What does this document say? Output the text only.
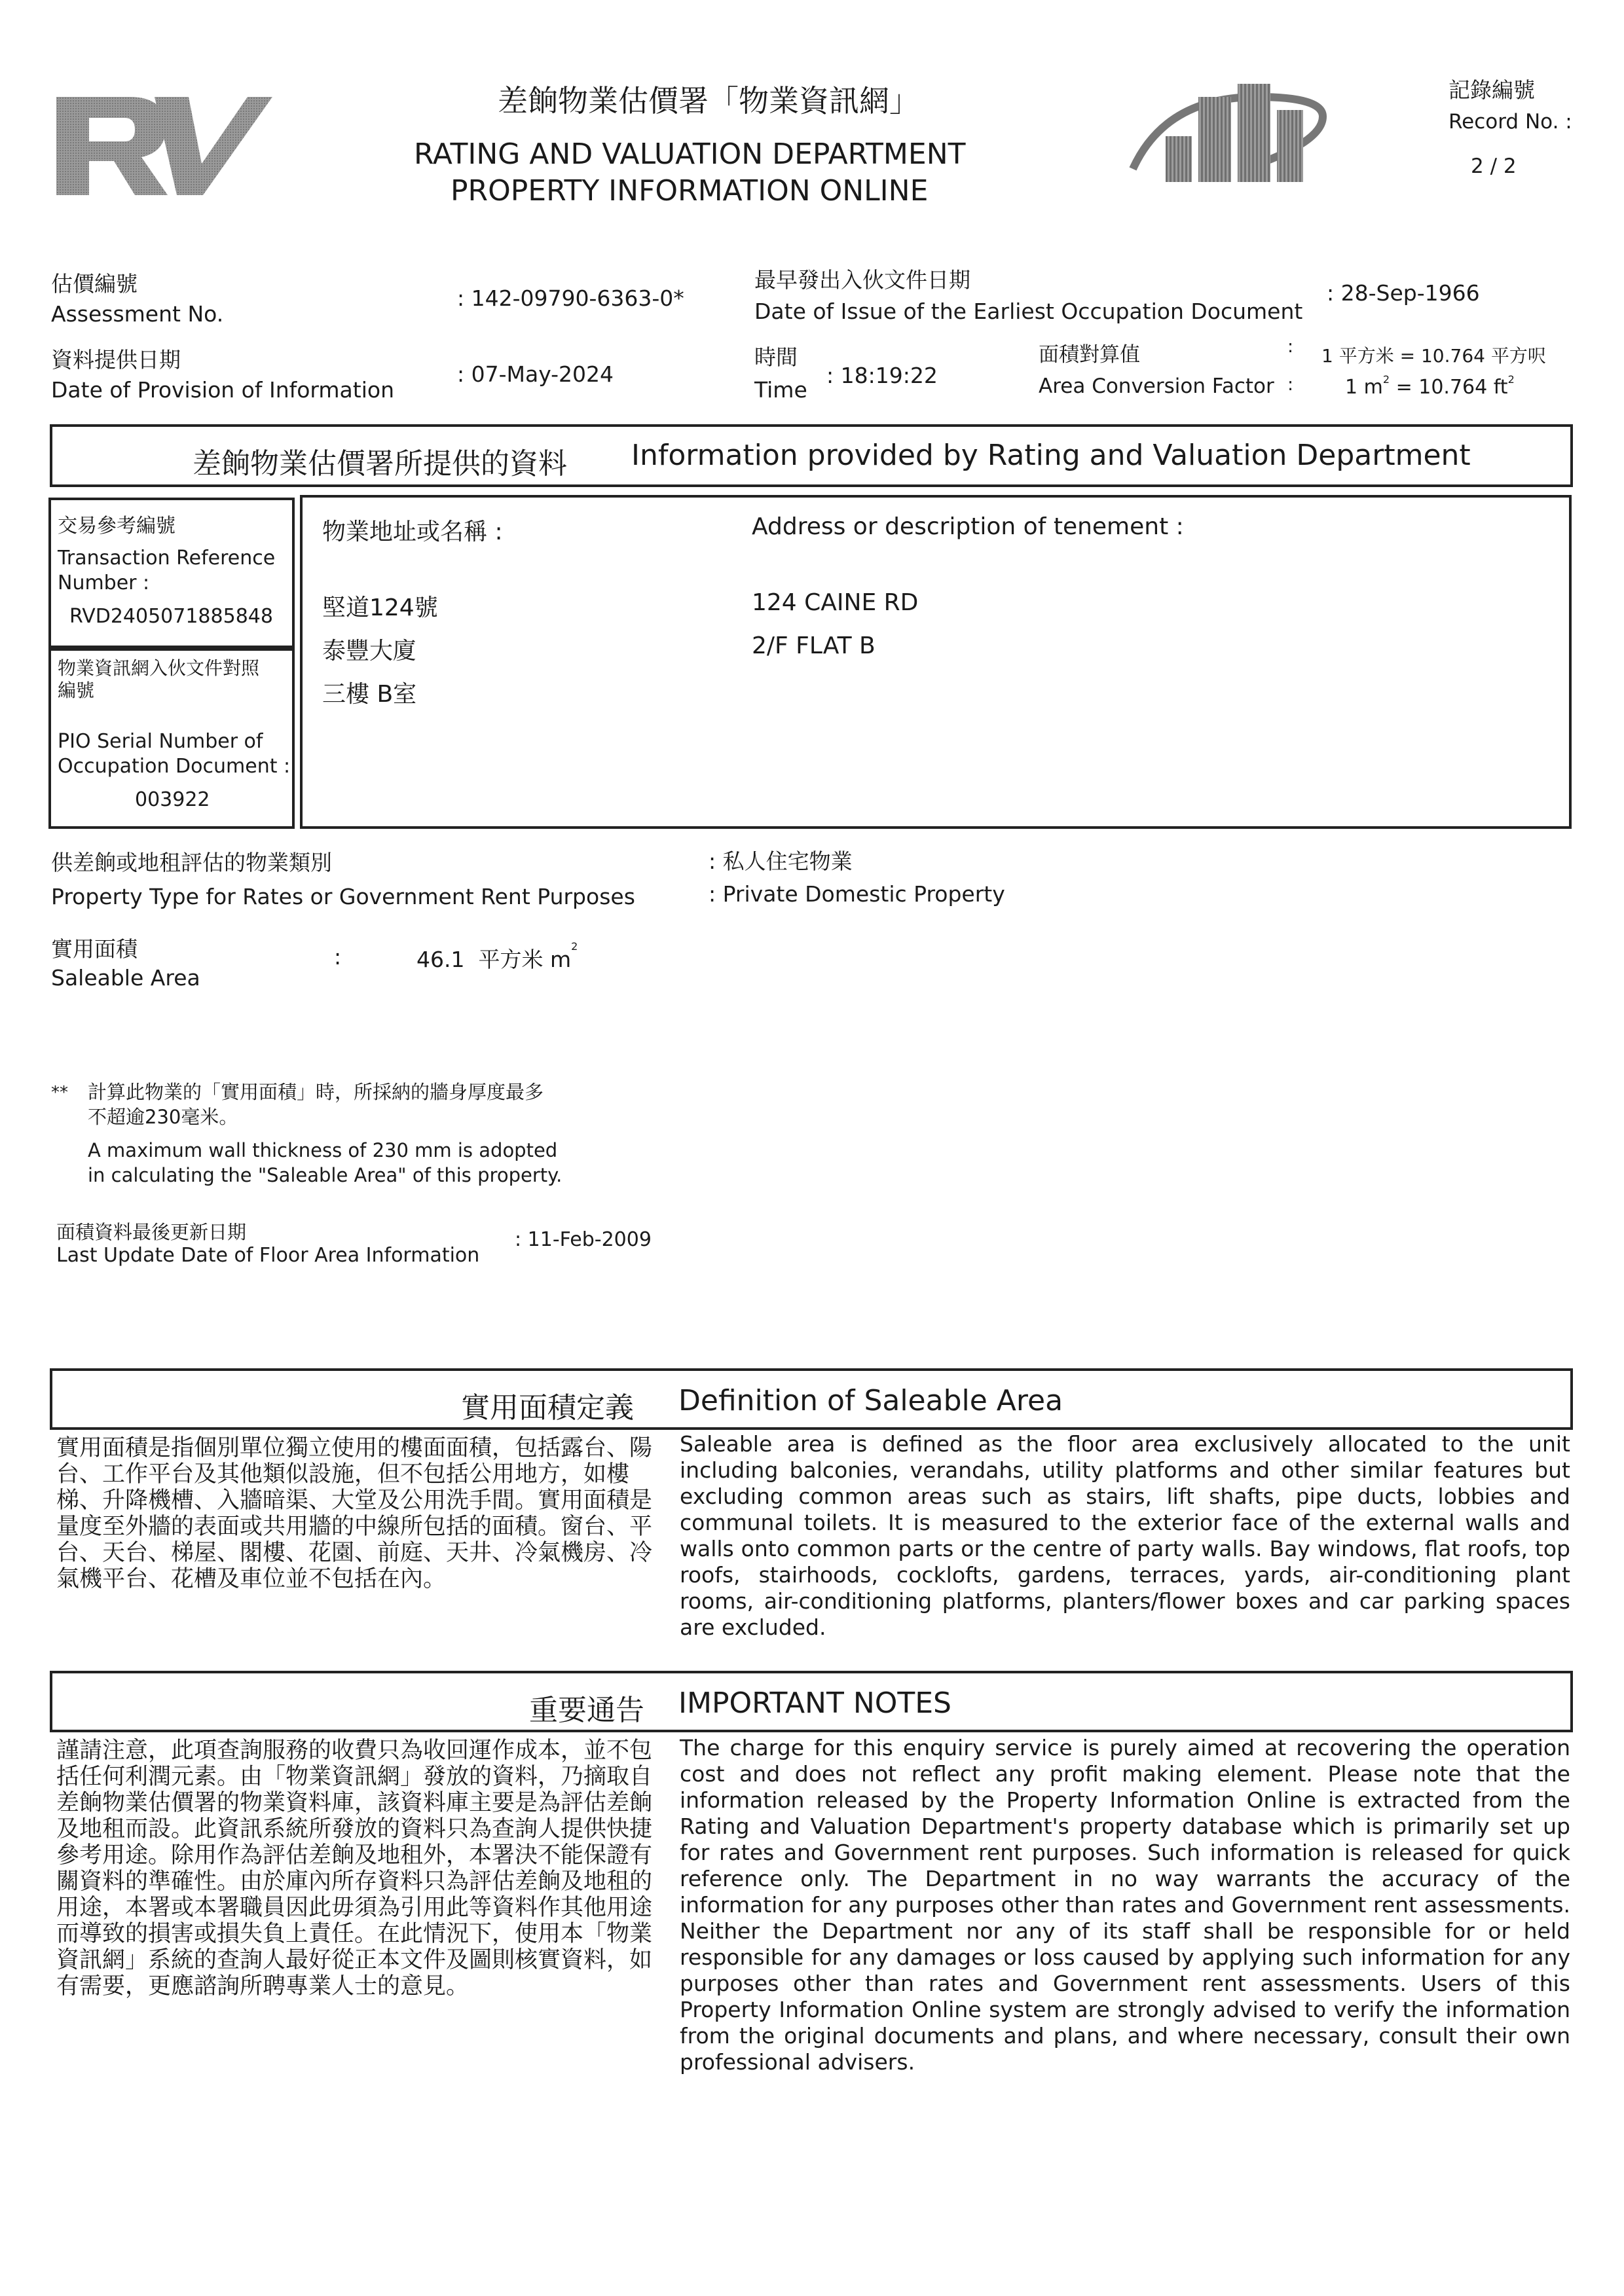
差餉物業估價署「物業資訊網」
RATING AND VALUATION DEPARTMENT
PROPERTY INFORMATION ONLINE
記錄編號
Record No. :
2 / 2
估價編號
Assessment No.
: 142-09790-6363-0*
資料提供日期
Date of Provision of Information
: 07-May-2024
最早發出入伙文件日期
Date of Issue of the Earliest Occupation Document
: 28-Sep-1966
時間
Time
: 18:19:22
面積對算值
Area Conversion Factor
:
:
1 平方米 = 10.764 平方呎
1 $m^2 = 10.764$ $ft^2$
差餉物業估價署所提供的資料 Information provided by Rating and Valuation Department
交易參考編號
Transaction Reference Number :
RVD2405071885848
物業資訊網入伙文件對照編號
PIO Serial Number of Occupation Document :
003922
物業地址或名稱 :	Address or description of tenement :
堅道124號
泰豐大廈
三樓 B室
124 CAINE RD
2/F FLAT B
供差餉或地租評估的物業類別
Property Type for Rates or Government Rent Purposes
: 私人住宅物業
: Private Domestic Property
實用面積
Saleable Area
:	46.1 平方米 $m^2$
** 計算此物業的「實用面積」時，所採納的牆身厚度最多
不超逾230毫米。
A maximum wall thickness of 230 mm is adopted
in calculating the "Saleable Area" of this property.
面積資料最後更新日期
Last Update Date of Floor Area Information
: 11-Feb-2009
實用面積定義 Definition of Saleable Area
實用面積是指個別單位獨立使用的樓面面積，包括露台、陽台、工作平台及其他類似設施，但不包括公用地方，如樓梯、升降機槽、入牆暗渠、大堂及公用洗手間。實用面積是量度至外牆的表面或共用牆的中線所包括的面積。窗台、平台、天台、梯屋、閣樓、花園、前庭、天井、冷氣機房、冷氣機平台、花槽及車位並不包括在內。
Saleable area is defined as the floor area exclusively allocated to the unit including balconies, verandahs, utility platforms and other similar features but excluding common areas such as stairs, lift shafts, pipe ducts, lobbies and communal toilets. It is measured to the exterior face of the external walls and walls onto common parts or the centre of party walls. Bay windows, flat roofs, top roofs, stairhoods, cocklofts, gardens, terraces, yards, air-conditioning plant rooms, air-conditioning platforms, planters/flower boxes and car parking spaces are excluded.
重要通告 IMPORTANT NOTES
謹請注意，此項查詢服務的收費只為收回運作成本，並不包括任何利潤元素。由「物業資訊網」發放的資料，乃摘取自差餉物業估價署的物業資料庫，該資料庫主要是為評估差餉及地租而設。此資訊系統所發放的資料只為查詢人提供快捷參考用途。除用作為評估差餉及地租外，本署決不能保證有關資料的準確性。由於庫內所存資料只為評估差餉及地租的用途，本署或本署職員因此毋須為引用此等資料作其他用途而導致的損害或損失負上責任。在此情況下，使用本「物業資訊網」系統的查詢人最好從正本文件及圖則核實資料，如有需要，更應諮詢所聘專業人士的意見。
The charge for this enquiry service is purely aimed at recovering the operation cost and does not reflect any profit making element. Please note that the information released by the Property Information Online is extracted from the Rating and Valuation Department's property database which is primarily set up for rates and Government rent purposes. Such information is released for quick reference only. The Department in no way warrants the accuracy of the information for any purposes other than rates and Government rent assessments. Neither the Department nor any of its staff shall be responsible for or held responsible for any damages or loss caused by applying such information for any purposes other than rates and Government rent assessments. Users of this Property Information Online system are strongly advised to verify the information from the original documents and plans, and where necessary, consult their own professional advisers.
